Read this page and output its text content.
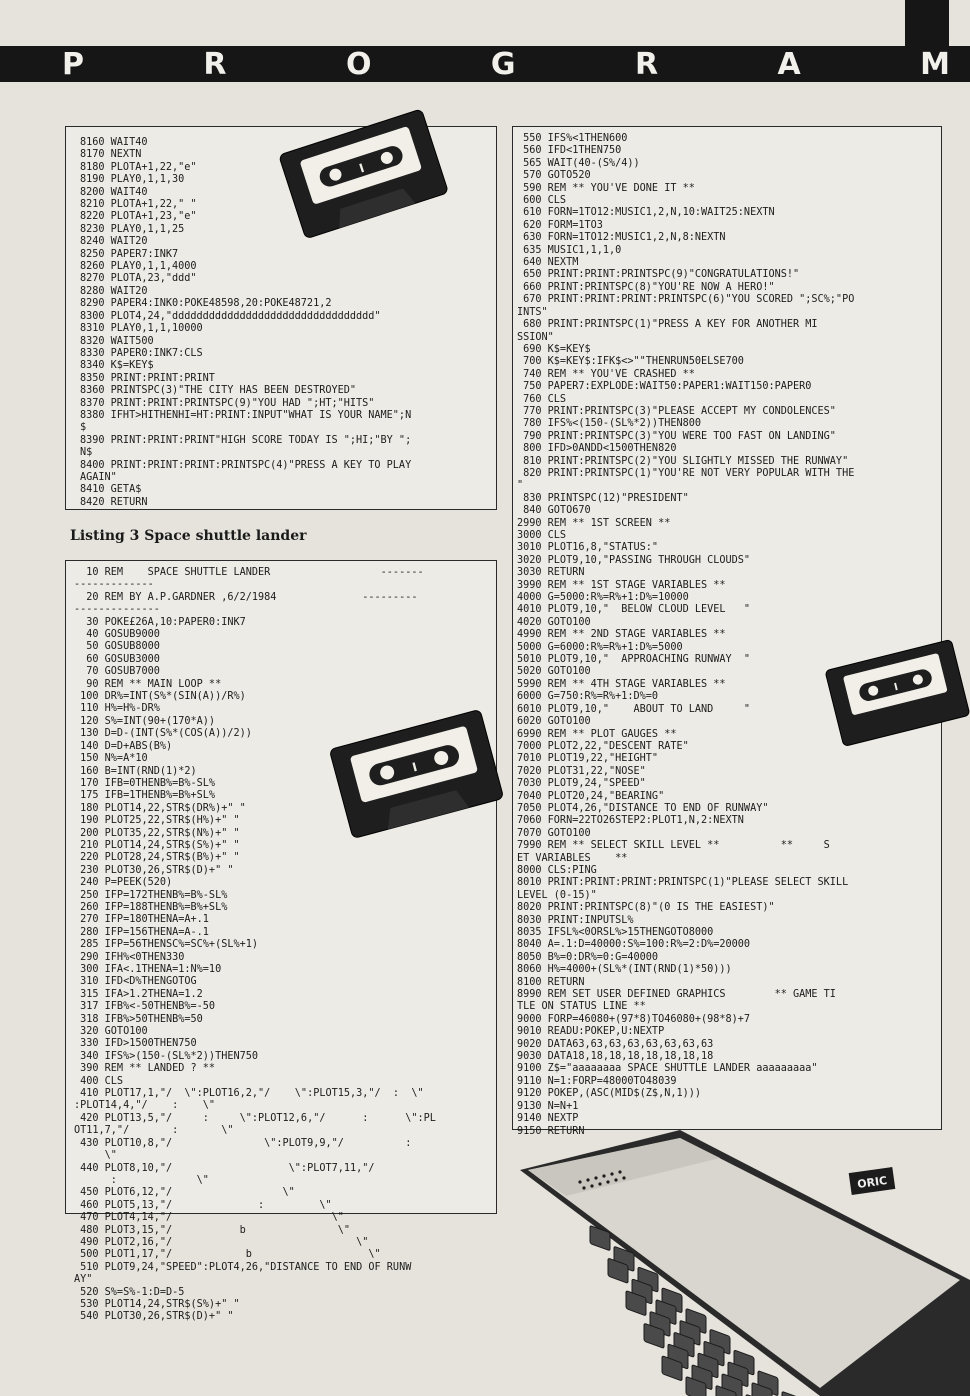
P	R	O	G	R	A	M
8160 WAIT40
8170 NEXTN
8180 PLOTA+1,22,"e"
8190 PLAY0,1,1,30
8200 WAIT40
8210 PLOTA+1,22," "
8220 PLOTA+1,23,"e"
8230 PLAY0,1,1,25
8240 WAIT20
8250 PAPER7:INK7
8260 PLAY0,1,1,4000
8270 PLOTA,23,"ddd"
8280 WAIT20
8290 PAPER4:INK0:POKE48598,20:POKE48721,2
8300 PLOT4,24,"ddddddddddddddddddddddddddddddddd"
8310 PLAY0,1,1,10000
8320 WAIT500
8330 PAPER0:INK7:CLS
8340 K$=KEY$
8350 PRINT:PRINT:PRINT
8360 PRINTSPC(3)"THE CITY HAS BEEN DESTROYED"
8370 PRINT:PRINT:PRINTSPC(9)"YOU HAD ";HT;"HITS"
8380 IFHT>HITHENHI=HT:PRINT:INPUT"WHAT IS YOUR NAME";N
$
8390 PRINT:PRINT:PRINT"HIGH SCORE TODAY IS ";HI;"BY ";
N$
8400 PRINT:PRINT:PRINT:PRINTSPC(4)"PRESS A KEY TO PLAY
AGAIN"
8410 GETA$
8420 RETURN
Listing 3 Space shuttle lander
10 REM    SPACE SHUTTLE LANDER                  -------
-------------
20 REM BY A.P.GARDNER ,6/2/1984              ---------
--------------
30 POKE£26A,10:PAPER0:INK7
40 GOSUB9000
50 GOSUB8000
60 GOSUB3000
70 GOSUB7000
90 REM ** MAIN LOOP **
100 DR%=INT(S%*(SIN(A))/R%)
110 H%=H%-DR%
120 S%=INT(90+(170*A))
130 D=D-(INT(S%*(COS(A))/2))
140 D=D+ABS(B%)
150 N%=A*10
160 B=INT(RND(1)*2)
170 IFB=0THENB%=B%-SL%
175 IFB=1THENB%=B%+SL%
180 PLOT14,22,STR$(DR%)+" "
190 PLOT25,22,STR$(H%)+" "
200 PLOT35,22,STR$(N%)+" "
210 PLOT14,24,STR$(S%)+" "
220 PLOT28,24,STR$(B%)+" "
230 PLOT30,26,STR$(D)+" "
240 P=PEEK(520)
250 IFP=172THENB%=B%-SL%
260 IFP=188THENB%=B%+SL%
270 IFP=180THENA=A+.1
280 IFP=156THENA=A-.1
285 IFP=56THENSC%=SC%+(SL%+1)
290 IFH%<0THEN330
300 IFA<.1THENA=1:N%=10
310 IFD<D%THENGOTOG
315 IFA>1.2THENA=1.2
317 IFB%<-50THENB%=-50
318 IFB%>50THENB%=50
320 GOTO100
330 IFD>1500THEN750
340 IFS%>(150-(SL%*2))THEN750
390 REM ** LANDED ? **
400 CLS
410 PLOT17,1,"/  \":PLOT16,2,"/    \":PLOT15,3,"/  :  \"
:PLOT14,4,"/    :    \"
420 PLOT13,5,"/     :     \":PLOT12,6,"/      :      \":PL
OT11,7,"/       :       \"
430 PLOT10,8,"/               \":PLOT9,9,"/          :
\"
440 PLOT8,10,"/                   \":PLOT7,11,"/
:             \"
450 PLOT6,12,"/                  \"
460 PLOT5,13,"/              :         \"
470 PLOT4,14,"/                          \"
480 PLOT3,15,"/           b               \"
490 PLOT2,16,"/                              \"
500 PLOT1,17,"/            b                   \"
510 PLOT9,24,"SPEED":PLOT4,26,"DISTANCE TO END OF RUNW
AY"
520 S%=S%-1:D=D-5
530 PLOT14,24,STR$(S%)+" "
540 PLOT30,26,STR$(D)+" "
550 IFS%<1THEN600
560 IFD<1THEN750
565 WAIT(40-(S%/4))
570 GOTO520
590 REM ** YOU'VE DONE IT **
600 CLS
610 FORN=1TO12:MUSIC1,2,N,10:WAIT25:NEXTN
620 FORM=1TO3
630 FORN=1TO12:MUSIC1,2,N,8:NEXTN
635 MUSIC1,1,1,0
640 NEXTM
650 PRINT:PRINT:PRINTSPC(9)"CONGRATULATIONS!"
660 PRINT:PRINTSPC(8)"YOU'RE NOW A HERO!"
670 PRINT:PRINT:PRINT:PRINTSPC(6)"YOU SCORED ";SC%;"PO
INTS"
680 PRINT:PRINTSPC(1)"PRESS A KEY FOR ANOTHER MI
SSION"
690 K$=KEY$
700 K$=KEY$:IFK$<>""THENRUN50ELSE700
740 REM ** YOU'VE CRASHED **
750 PAPER7:EXPLODE:WAIT50:PAPER1:WAIT150:PAPER0
760 CLS
770 PRINT:PRINTSPC(3)"PLEASE ACCEPT MY CONDOLENCES"
780 IFS%<(150-(SL%*2))THEN800
790 PRINT:PRINTSPC(3)"YOU WERE TOO FAST ON LANDING"
800 IFD>0ANDD<1500THEN820
810 PRINT:PRINTSPC(2)"YOU SLIGHTLY MISSED THE RUNWAY"
820 PRINT:PRINTSPC(1)"YOU'RE NOT VERY POPULAR WITH THE
"
830 PRINTSPC(12)"PRESIDENT"
840 GOTO670
2990 REM ** 1ST SCREEN **
3000 CLS
3010 PLOT16,8,"STATUS:"
3020 PLOT9,10,"PASSING THROUGH CLOUDS"
3030 RETURN
3990 REM ** 1ST STAGE VARIABLES **
4000 G=5000:R%=R%+1:D%=10000
4010 PLOT9,10,"  BELOW CLOUD LEVEL   "
4020 GOTO100
4990 REM ** 2ND STAGE VARIABLES **
5000 G=6000:R%=R%+1:D%=5000
5010 PLOT9,10,"  APPROACHING RUNWAY  "
5020 GOTO100
5990 REM ** 4TH STAGE VARIABLES **
6000 G=750:R%=R%+1:D%=0
6010 PLOT9,10,"    ABOUT TO LAND     "
6020 GOTO100
6990 REM ** PLOT GAUGES **
7000 PLOT2,22,"DESCENT RATE"
7010 PLOT19,22,"HEIGHT"
7020 PLOT31,22,"NOSE"
7030 PLOT9,24,"SPEED"
7040 PLOT20,24,"BEARING"
7050 PLOT4,26,"DISTANCE TO END OF RUNWAY"
7060 FORN=22TO26STEP2:PLOT1,N,2:NEXTN
7070 GOTO100
7990 REM ** SELECT SKILL LEVEL **          **     S
ET VARIABLES    **
8000 CLS:PING
8010 PRINT:PRINT:PRINT:PRINTSPC(1)"PLEASE SELECT SKILL
LEVEL (0-15)"
8020 PRINT:PRINTSPC(8)"(0 IS THE EASIEST)"
8030 PRINT:INPUTSL%
8035 IFSL%<0ORSL%>15THENGOTO8000
8040 A=.1:D=40000:S%=100:R%=2:D%=20000
8050 B%=0:DR%=0:G=40000
8060 H%=4000+(SL%*(INT(RND(1)*50)))
8100 RETURN
8990 REM SET USER DEFINED GRAPHICS        ** GAME TI
TLE ON STATUS LINE **
9000 FORP=46080+(97*8)TO46080+(98*8)+7
9010 READU:POKEP,U:NEXTP
9020 DATA63,63,63,63,63,63,63,63
9030 DATA18,18,18,18,18,18,18,18
9100 Z$="aaaaaaaa SPACE SHUTTLE LANDER aaaaaaaaa"
9110 N=1:FORP=48000TO48039
9120 POKEP,(ASC(MID$(Z$,N,1)))
9130 N=N+1
9140 NEXTP
9150 RETURN
I
I
I
ORIC
